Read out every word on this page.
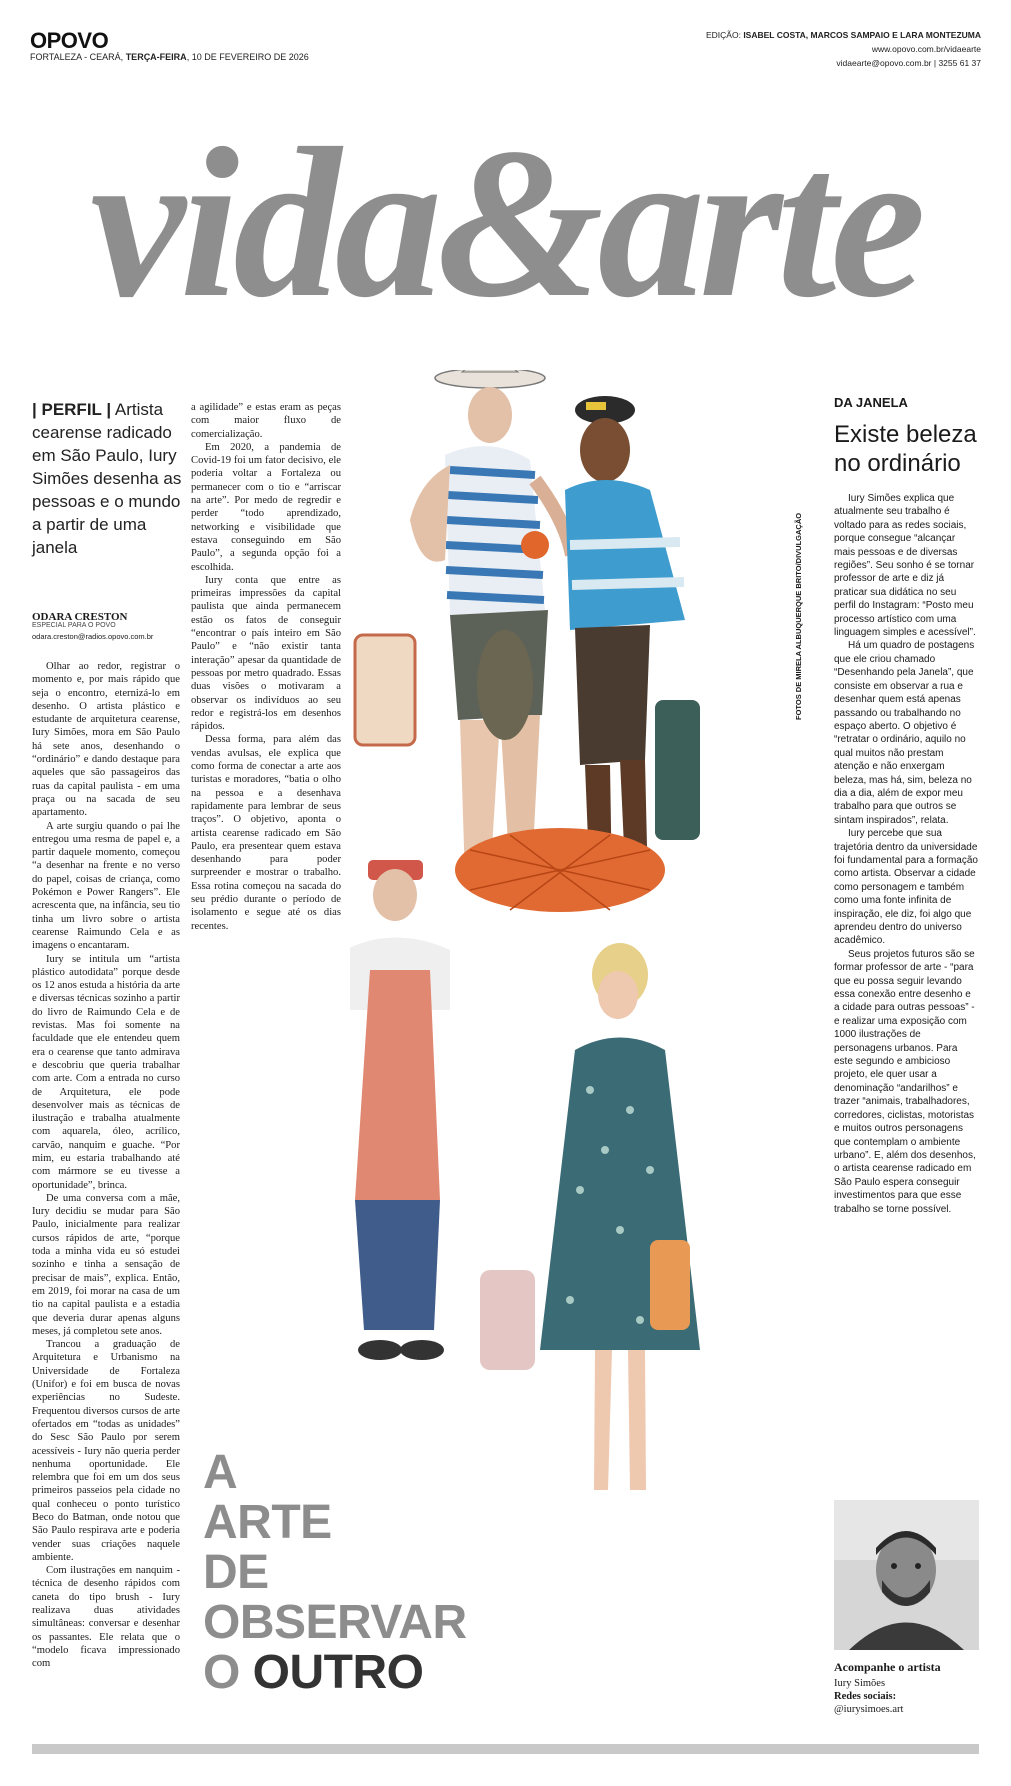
OPOVO
FORTALEZA - CEARÁ, TERÇA-FEIRA, 10 DE FEVEREIRO DE 2026
EDIÇÃO: ISABEL COSTA, MARCOS SAMPAIO E LARA MONTEZUMA
www.opovo.com.br/vidaearte
vidaearte@opovo.com.br | 3255 61 37
vida&arte
| PERFIL | Artista cearense radicado em São Paulo, Iury Simões desenha as pessoas e o mundo a partir de uma janela
ODARA CRESTON
ESPECIAL PARA O POVO
odara.creston@radios.opovo.com.br

Olhar ao redor, registrar o momento e, por mais rápido que seja o encontro, eternizá-lo em desenho. O artista plástico e estudante de arquitetura cearense, Iury Simões, mora em São Paulo há sete anos, desenhando o “ordinário” e dando destaque para aqueles que são passageiros das ruas da capital paulista - em uma praça ou na sacada de seu apartamento.

A arte surgiu quando o pai lhe entregou uma resma de papel e, a partir daquele momento, começou “a desenhar na frente e no verso do papel, coisas de criança, como Pokémon e Power Rangers”. Ele acrescenta que, na infância, seu tio tinha um livro sobre o artista cearense Raimundo Cela e as imagens o encantaram.

Iury se intitula um “artista plástico autodidata” porque desde os 12 anos estuda a história da arte e diversas técnicas sozinho a partir do livro de Raimundo Cela e de revistas. Mas foi somente na faculdade que ele entendeu quem era o cearense que tanto admirava e descobriu que queria trabalhar com arte. Com a entrada no curso de Arquitetura, ele pode desenvolver mais as técnicas de ilustração e trabalha atualmente com aquarela, óleo, acrílico, carvão, nanquim e guache. “Por mim, eu estaria trabalhando até com mármore se eu tivesse a oportunidade”, brinca.

De uma conversa com a mãe, Iury decidiu se mudar para São Paulo, inicialmente para realizar cursos rápidos de arte, “porque toda a minha vida eu só estudei sozinho e tinha a sensação de precisar de mais”, explica. Então, em 2019, foi morar na casa de um tio na capital paulista e a estadia que deveria durar apenas alguns meses, já completou sete anos.

Trancou a graduação de Arquitetura e Urbanismo na Universidade de Fortaleza (Unifor) e foi em busca de novas experiências no Sudeste. Frequentou diversos cursos de arte ofertados em “todas as unidades” do Sesc São Paulo por serem acessíveis - Iury não queria perder nenhuma oportunidade. Ele relembra que foi em um dos seus primeiros passeios pela cidade no qual conheceu o ponto turístico Beco do Batman, onde notou que São Paulo respirava arte e poderia vender suas criações naquele ambiente.

Com ilustrações em nanquim - técnica de desenho rápidos com caneta do tipo brush - Iury realizava duas atividades simultâneas: conversar e desenhar os passantes. Ele relata que o “modelo ficava impressionado com

a agilidade” e estas eram as peças com maior fluxo de comercialização.

Em 2020, a pandemia de Covid-19 foi um fator decisivo, ele poderia voltar a Fortaleza ou permanecer com o tio e “arriscar na arte”. Por medo de regredir e perder “todo aprendizado, networking e visibilidade que estava conseguindo em São Paulo”, a segunda opção foi a escolhida.

Iury conta que entre as primeiras impressões da capital paulista que ainda permanecem estão os fatos de conseguir “encontrar o país inteiro em São Paulo” e “não existir tanta interação” apesar da quantidade de pessoas por metro quadrado. Essas duas visões o motivaram a observar os indivíduos ao seu redor e registrá-los em desenhos rápidos.

Dessa forma, para além das vendas avulsas, ele explica que como forma de conectar a arte aos turistas e moradores, “batia o olho na pessoa e a desenhava rapidamente para lembrar de seus traços”. O objetivo, aponta o artista cearense radicado em São Paulo, era presentear quem estava desenhando para poder surpreender e mostrar o trabalho. Essa rotina começou na sacada do seu prédio durante o período de isolamento e segue até os dias recentes.

FOTOS DE MIRELA ALBUQUERQUE BRITO/DIVULGAÇÃO
DA JANELA
Existe beleza no ordinário

Iury Simões explica que atualmente seu trabalho é voltado para as redes sociais, porque consegue “alcançar mais pessoas e de diversas regiões”. Seu sonho é se tornar professor de arte e diz já praticar sua didática no seu perfil do Instagram: “Posto meu processo artístico com uma linguagem simples e acessível”.

Há um quadro de postagens que ele criou chamado “Desenhando pela Janela”, que consiste em observar a rua e desenhar quem está apenas passando ou trabalhando no espaço aberto. O objetivo é “retratar o ordinário, aquilo no qual muitos não prestam atenção e não enxergam beleza, mas há, sim, beleza no dia a dia, além de expor meu trabalho para que outros se sintam inspirados”, relata.

Iury percebe que sua trajetória dentro da universidade foi fundamental para a formação como artista. Observar a cidade como personagem e também como uma fonte infinita de inspiração, ele diz, foi algo que aprendeu dentro do universo acadêmico.

Seus projetos futuros são se formar professor de arte - “para que eu possa seguir levando essa conexão entre desenho e a cidade para outras pessoas” - e realizar uma exposição com 1000 ilustrações de personagens urbanos. Para este segundo e ambicioso projeto, ele quer usar a denominação “andarilhos” e trazer “animais, trabalhadores, corredores, ciclistas, motoristas e muitos outros personagens que contemplam o ambiente urbano”. E, além dos desenhos, o artista cearense radicado em São Paulo espera conseguir investimentos para que esse trabalho se torne possível.

A
ARTE
DE
OBSERVAR
O OUTRO	Acompanhe o artista
Iury Simões
Redes sociais:
@iurysimoes.art
